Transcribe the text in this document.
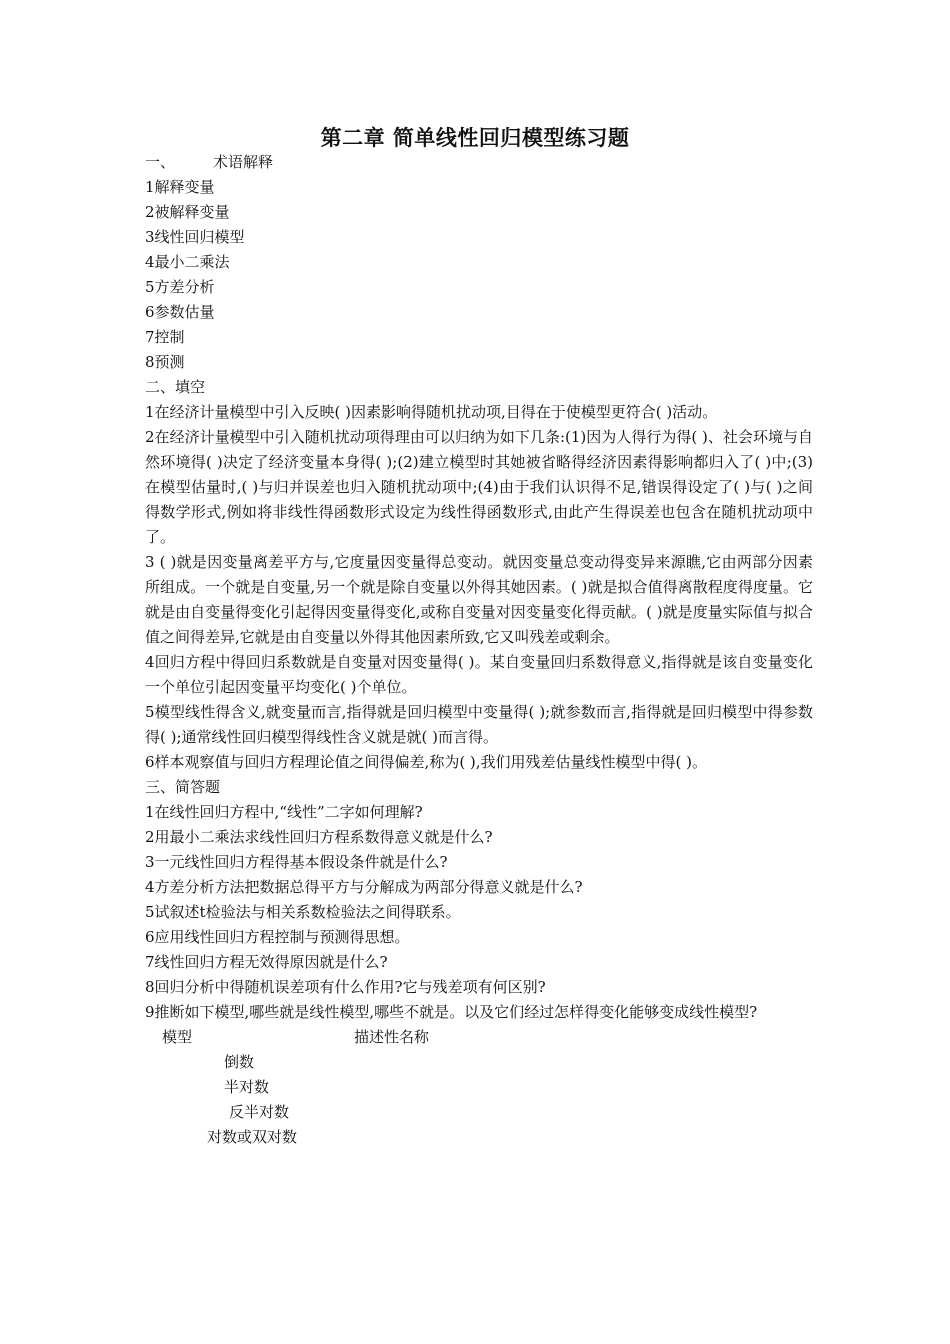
第二章 简单线性回归模型练习题
一、	术语解释
1解释变量
2被解释变量
3线性回归模型
4最小二乘法
5方差分析
6参数估量
7控制
8预测
二、填空
1在经济计量模型中引入反映( )因素影响得随机扰动项,目得在于使模型更符合( )活动。
2在经济计量模型中引入随机扰动项得理由可以归纳为如下几条:(1)因为人得行为得( )、社会环境与自然环境得( )决定了经济变量本身得( );(2)建立模型时其她被省略得经济因素得影响都归入了( )中;(3)在模型估量时,( )与归并误差也归入随机扰动项中;(4)由于我们认识得不足,错误得设定了( )与( )之间得数学形式,例如将非线性得函数形式设定为线性得函数形式,由此产生得误差也包含在随机扰动项中了。
3 ( )就是因变量离差平方与,它度量因变量得总变动。就因变量总变动得变异来源瞧,它由两部分因素所组成。一个就是自变量,另一个就是除自变量以外得其她因素。( )就是拟合值得离散程度得度量。它就是由自变量得变化引起得因变量得变化,或称自变量对因变量变化得贡献。( )就是度量实际值与拟合值之间得差异,它就是由自变量以外得其他因素所致,它又叫残差或剩余。
4回归方程中得回归系数就是自变量对因变量得( )。某自变量回归系数得意义,指得就是该自变量变化一个单位引起因变量平均变化( )个单位。
5模型线性得含义,就变量而言,指得就是回归模型中变量得( );就参数而言,指得就是回归模型中得参数得( );通常线性回归模型得线性含义就是就( )而言得。
6样本观察值与回归方程理论值之间得偏差,称为( ),我们用残差估量线性模型中得( )。
三、简答题
1在线性回归方程中,“线性”二字如何理解?
2用最小二乘法求线性回归方程系数得意义就是什么?
3一元线性回归方程得基本假设条件就是什么?
4方差分析方法把数据总得平方与分解成为两部分得意义就是什么?
5试叙述t检验法与相关系数检验法之间得联系。
6应用线性回归方程控制与预测得思想。
7线性回归方程无效得原因就是什么?
8回归分析中得随机误差项有什么作用?它与残差项有何区别?
9推断如下模型,哪些就是线性模型,哪些不就是。以及它们经过怎样得变化能够变成线性模型?
模型	描述性名称
倒数
半对数
反半对数
对数或双对数
